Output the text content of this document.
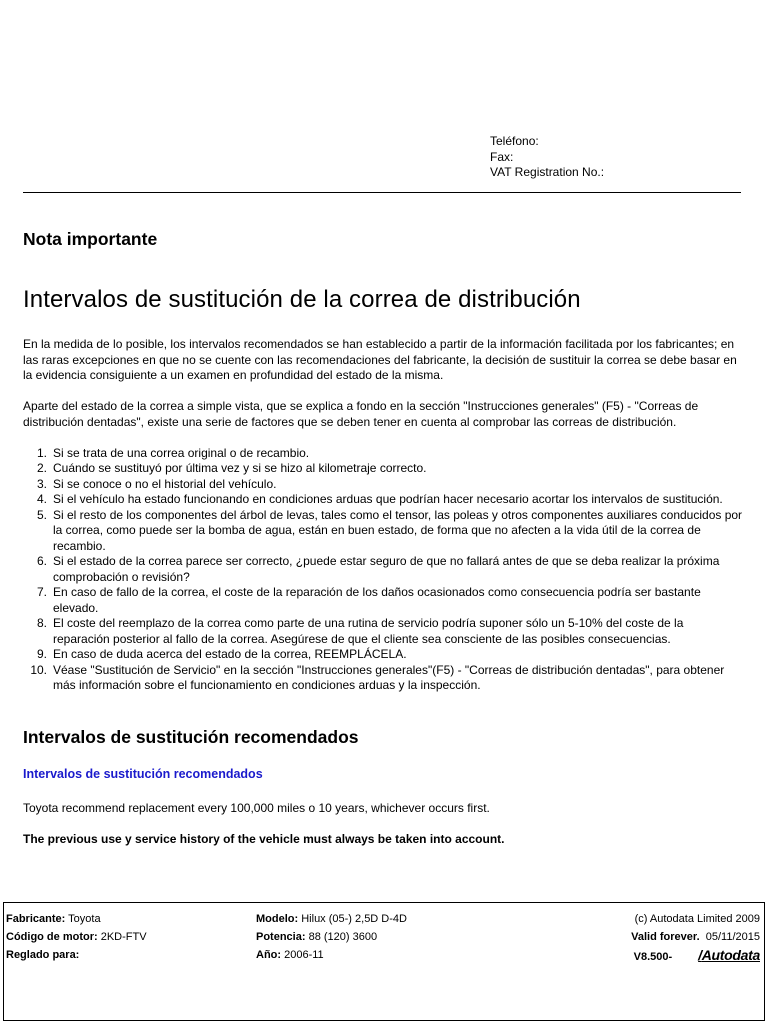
Teléfono:
Fax:
VAT Registration No.:
Nota importante
Intervalos de sustitución de la correa de distribución

En la medida de lo posible, los intervalos recomendados se han establecido a partir de la información facilitada por los fabricantes; en las raras excepciones en que no se cuente con las recomendaciones del fabricante, la decisión de sustituir la correa se debe basar en la evidencia consiguiente a un examen en profundidad del estado de la misma.

Aparte del estado de la correa a simple vista, que se explica a fondo en la sección "Instrucciones generales" (F5) - "Correas de distribución dentadas", existe una serie de factores que se deben tener en cuenta al comprobar las correas de distribución.

1. Si se trata de una correa original o de recambio.
2. Cuándo se sustituyó por última vez y si se hizo al kilometraje correcto.
3. Si se conoce o no el historial del vehículo.
4. Si el vehículo ha estado funcionando en condiciones arduas que podrían hacer necesario acortar los intervalos de sustitución.
5. Si el resto de los componentes del árbol de levas, tales como el tensor, las poleas y otros componentes auxiliares conducidos por la correa, como puede ser la bomba de agua, están en buen estado, de forma que no afecten a la vida útil de la correa de recambio.
6. Si el estado de la correa parece ser correcto, ¿puede estar seguro de que no fallará antes de que se deba realizar la próxima comprobación o revisión?
7. En caso de fallo de la correa, el coste de la reparación de los daños ocasionados como consecuencia podría ser bastante elevado.
8. El coste del reemplazo de la correa como parte de una rutina de servicio podría suponer sólo un 5-10% del coste de la reparación posterior al fallo de la correa. Asegúrese de que el cliente sea consciente de las posibles consecuencias.
9. En caso de duda acerca del estado de la correa, REEMPLÁCELA.
10. Véase "Sustitución de Servicio" en la sección "Instrucciones generales"(F5) - "Correas de distribución dentadas", para obtener más información sobre el funcionamiento en condiciones arduas y la inspección.
Intervalos de sustitución recomendados
Intervalos de sustitución recomendados
Toyota recommend replacement every 100,000 miles o 10 years, whichever occurs first.
The previous use y service history of the vehicle must always be taken into account.
Fabricante: Toyota
Código de motor: 2KD-FTV
Reglado para:
Modelo: Hilux (05-) 2,5D D-4D
Potencia: 88 (120) 3600
Año: 2006-11
(c) Autodata Limited 2009
Valid forever. 05/11/2015
V8.500- /Autodata
